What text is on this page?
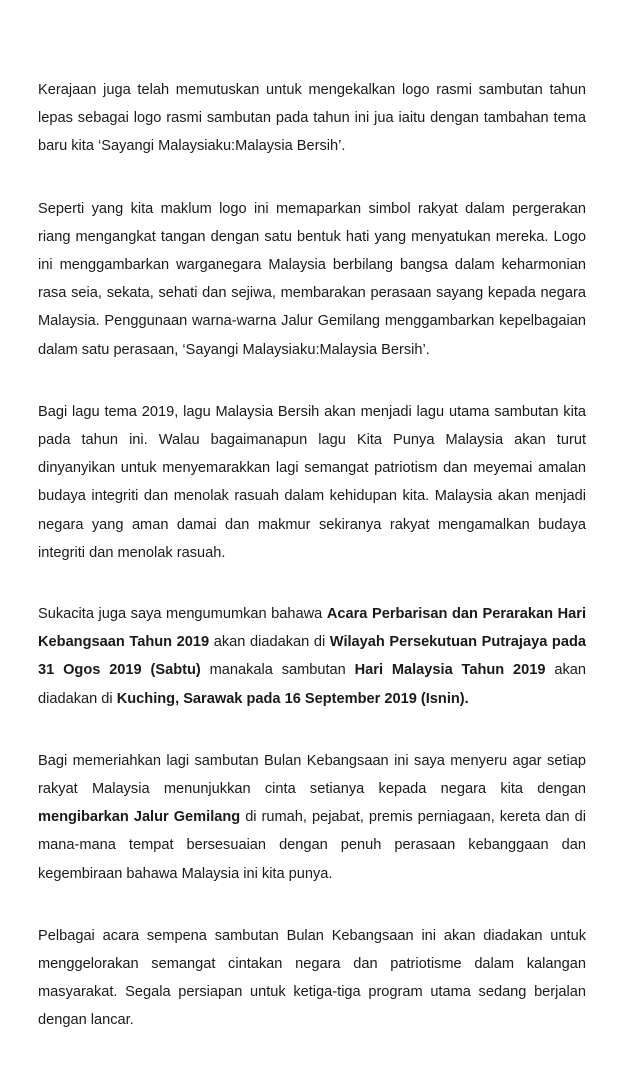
Kerajaan juga telah memutuskan untuk mengekalkan logo rasmi sambutan tahun lepas sebagai logo rasmi sambutan pada tahun ini jua iaitu dengan tambahan tema baru kita ‘Sayangi Malaysiaku:Malaysia Bersih’.

Seperti yang kita maklum logo ini memaparkan simbol rakyat dalam pergerakan riang mengangkat tangan dengan satu bentuk hati yang menyatukan mereka. Logo ini menggambarkan warganegara Malaysia berbilang bangsa dalam keharmonian rasa seia, sekata, sehati dan sejiwa, membarakan perasaan sayang kepada negara Malaysia. Penggunaan warna-warna Jalur Gemilang menggambarkan kepelbagaian dalam satu perasaan, ‘Sayangi Malaysiaku:Malaysia Bersih’.

Bagi lagu tema 2019, lagu Malaysia Bersih akan menjadi lagu utama sambutan kita pada tahun ini. Walau bagaimanapun lagu Kita Punya Malaysia akan turut dinyanyikan untuk menyemarakkan lagi semangat patriotism dan meyemai amalan budaya integriti dan menolak rasuah dalam kehidupan kita. Malaysia akan menjadi negara yang aman damai dan makmur sekiranya rakyat mengamalkan budaya integriti dan menolak rasuah.

Sukacita juga saya mengumumkan bahawa Acara Perbarisan dan Perarakan Hari Kebangsaan Tahun 2019 akan diadakan di Wilayah Persekutuan Putrajaya pada 31 Ogos 2019 (Sabtu) manakala sambutan Hari Malaysia Tahun 2019 akan diadakan di Kuching, Sarawak pada 16 September 2019 (Isnin).

Bagi memeriahkan lagi sambutan Bulan Kebangsaan ini saya menyeru agar setiap rakyat Malaysia menunjukkan cinta setianya kepada negara kita dengan mengibarkan Jalur Gemilang di rumah, pejabat, premis perniagaan, kereta dan di mana-mana tempat bersesuaian dengan penuh perasaan kebanggaan dan kegembiraan bahawa Malaysia ini kita punya.

Pelbagai acara sempena sambutan Bulan Kebangsaan ini akan diadakan untuk menggelorakan semangat cintakan negara dan patriotisme dalam kalangan masyarakat. Segala persiapan untuk ketiga-tiga program utama sedang berjalan dengan lancar.
